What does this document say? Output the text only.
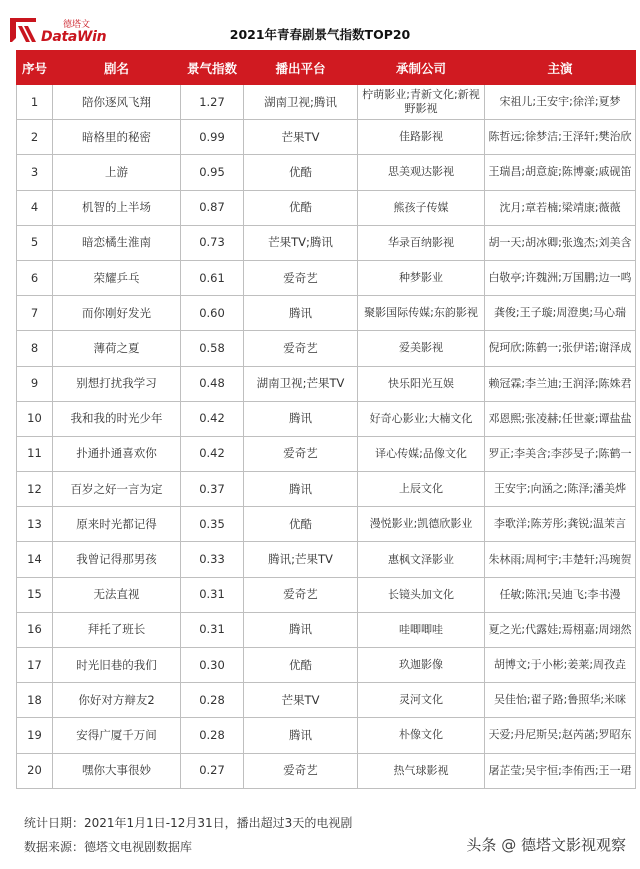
德塔文
DataWin	2021年青春剧景气指数TOP20
序号	剧名	景气指数	播出平台	承制公司	主演
1	陪你逐风飞翔	1.27	湖南卫视;腾讯	柠萌影业;青新文化;新视野影视	宋祖儿;王安宇;徐洋;夏梦
2	暗格里的秘密	0.99	芒果TV	佳路影视	陈哲远;徐梦洁;王泽轩;樊治欣
3	上游	0.95	优酷	思美观达影视	王瑞昌;胡意旋;陈博豪;戚砚笛
4	机智的上半场	0.87	优酷	熊孩子传媒	沈月;章若楠;梁靖康;薇薇
5	暗恋橘生淮南	0.73	芒果TV;腾讯	华录百纳影视	胡一天;胡冰卿;张逸杰;刘美含
6	荣耀乒乓	0.61	爱奇艺	种梦影业	白敬亭;许魏洲;万国鹏;边一鸣
7	而你刚好发光	0.60	腾讯	聚影国际传媒;东韵影视	龚俊;王子璇;周澄奥;马心瑞
8	薄荷之夏	0.58	爱奇艺	爱美影视	倪珂欣;陈鹤一;张伊诺;谢泽成
9	别想打扰我学习	0.48	湖南卫视;芒果TV	快乐阳光互娱	赖冠霖;李兰迪;王润泽;陈姝君
10	我和我的时光少年	0.42	腾讯	好奇心影业;大楠文化	邓恩熙;张凌赫;任世豪;谭盐盐
11	扑通扑通喜欢你	0.42	爱奇艺	译心传媒;品像文化	罗正;李美含;李莎旻子;陈鹤一
12	百岁之好一言为定	0.37	腾讯	上辰文化	王安宇;向涵之;陈泽;潘美烨
13	原来时光都记得	0.35	优酷	漫悦影业;凯德欣影业	李歌洋;陈芳彤;龚锐;温茉言
14	我曾记得那男孩	0.33	腾讯;芒果TV	惠枫文泽影业	朱林雨;周柯宇;丰楚轩;冯琬贺
15	无法直视	0.31	爱奇艺	长镜头加文化	任敏;陈汛;吴迪飞;李书漫
16	拜托了班长	0.31	腾讯	哇唧唧哇	夏之光;代露娃;焉栩嘉;周翊然
17	时光旧巷的我们	0.30	优酷	玖迦影像	胡博文;于小彬;姜莱;周孜垚
18	你好对方辩友2	0.28	芒果TV	灵河文化	吴佳怡;翟子路;鲁照华;米咪
19	安得广厦千万间	0.28	腾讯	朴像文化	天爱;丹尼斯吴;赵芮菡;罗昭东
20	嘿你大事很妙	0.27	爱奇艺	热气球影视	屠芷莹;吴宇恒;李侑西;王一珺
统计日期：2021年1月1日-12月31日，播出超过3天的电视剧
数据来源：德塔文电视剧数据库	头条 @ 德塔文影视观察
